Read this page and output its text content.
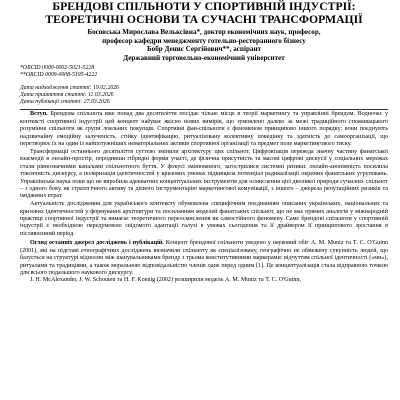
БРЕНДОВІ СПІЛЬНОТИ У СПОРТИВНІЙ ІНДУСТРІЇ:
ТЕОРЕТИЧНІ ОСНОВИ ТА СУЧАСНІ ТРАНСФОРМАЦІЇ
Босовська Мирослава Вельксівна*, доктор економічних наук, професор,
професор кафедри менеджменту готельно-ресторанного бізнесу
Бобр Денис Сергійович**, аспірант
Державний торговельно-економічний університет
*ORCID 0000-0002-5021-5228
**ORCID 0009-0008-5195-4222
Дата надходження статті: 19.02.2026
Дата прийняття статті: 11.03.2026
Дата публікації статті: 27.03.2026

Вступ. Брендова спільнота вже понад два десятиліття посідає чільне місце в теорії маркетингу та управлінні брендом. Водночас у контексті спортивної індустрії цей концепт набуває якісно нових вимірів, що зумовлено далеко за межі традиційного споживацького розуміння спільноти як групи лояльних покупців. Спортивні фан-спільноти є феноменом принципово іншого порядку: вони поєднують надзвичайну емоційну залученість, стійку ідентифікацію, ритуалізовану колективну поведінку та здатність до самоорганізації, що перетворює їх на один із найпотужніших нематеріальних активів спортивної організації та предмет поле маркетингового тиску.

Трансформації останнього десятиліття суттєво змінили архітектуру цих спільнот. Цифровізація переведа значну частину фанатської взаємодії в онлайн-простір, породивши гібридні форми участі, де фізична присутність та масові цифрові дискусії у соціальних мережах стали рівнозначними каналами спільнотного буття. У фокусі змінюваного, загострилися системні ризики: онлайн-анонімність посилила токсичність дискурсу, а поляризація ідентичностей у кризових умовах підвищила потенціал радикалізації окремих фанатських угруповань. Управлінська наука поки що не виробила адекватних концептуальних інструментів для осмислення цієї дволикої природи сучасних спільнот – з одного боку, як стратегічного активу та дієвого інструментарію маркетингової комунікації, з іншого – джерела репутаційних ризиків та іміджевих втрат.

Актуальність дослідження для українського контексту обумовлена специфічним поєднанням описаних українських, національних та кризових ідентичностей у формуванні архітектури та посиланням моделей фанатських спільнот, що не має прямих аналогів у міжнародній практиці спортивної індустрії та вимагає теоретичного переосмислення як самостійного феномену. Саме брендові спільноти у спортивній індустрії є необхідною передумовою свідомого адаптації галузі в умовах сьогодення та її драйвером її принципового зростання в післявоєнний період.

Огляд останніх джерел досліджень і публікацій. Концепт брендової спільноти уведено у науковий обіг A. M. Muniz та T. C. O'Guinn (2001), які на підставі етнографічних досліджень визначили спільноту як спеціалізовану, географічно не обмежену сукупність людей, що базується на структурі відносин між шанувальниками бренду з трьома конститутивними маркерами: відчуттям спільної ідентичності («ми»), ритуалами та традиціями, а також моральною відповідальністю членів одне перед одним [1]. Це концептуалізація стала відправною точкою для всього подальшого наукового дискурсу.

J. H. McAlexander, J. W. Schouten та H. F. Koenig (2002) розширили модель A. M. Muniz та T. C. O'Guinn,
